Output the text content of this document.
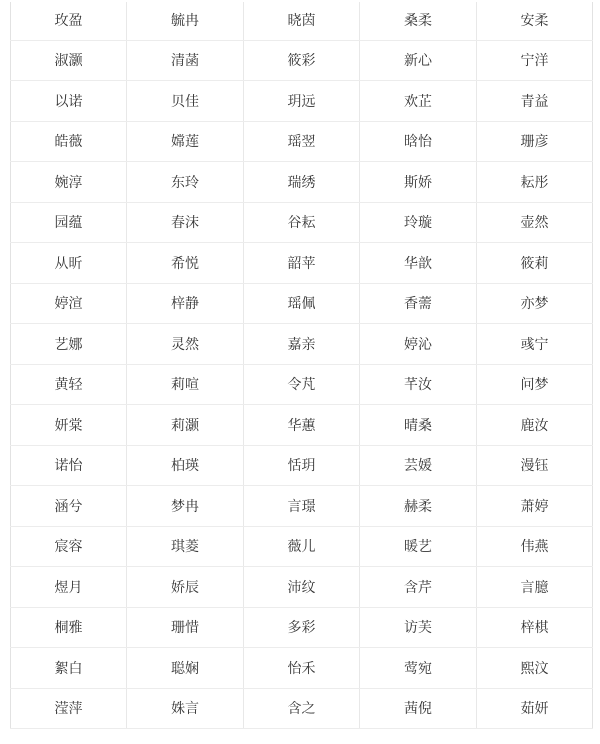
玫盈	毓冉	晓茵	桑柔	安柔
淑灏	清菡	筱彩	新心	宁洋
以诺	贝佳	玥远	欢芷	青益
皓薇	嫦莲	瑶翌	晗怡	珊彦
婉淳	东玲	瑞绣	斯娇	耘彤
园蕴	春沫	谷耘	玲璇	壶然
从昕	希悦	韶苹	华歆	筱莉
婷渲	梓静	瑶佩	香薷	亦梦
艺娜	灵然	嘉亲	婷沁	彧宁
黄轻	莉喧	令芃	芊汝	问梦
妍棠	莉灏	华蕙	晴桑	鹿汝
诺怡	柏瑛	恬玥	芸媛	漫钰
涵兮	梦冉	言璟	赫柔	萧婷
宸容	琪菱	薇儿	暖艺	伟燕
煜月	娇辰	沛纹	含芹	言臆
桐雅	珊惜	多彩	访芙	梓棋
絮白	聪娴	怡禾	莺宛	熙汶
滢萍	姝言	含之	茜倪	茹妍
